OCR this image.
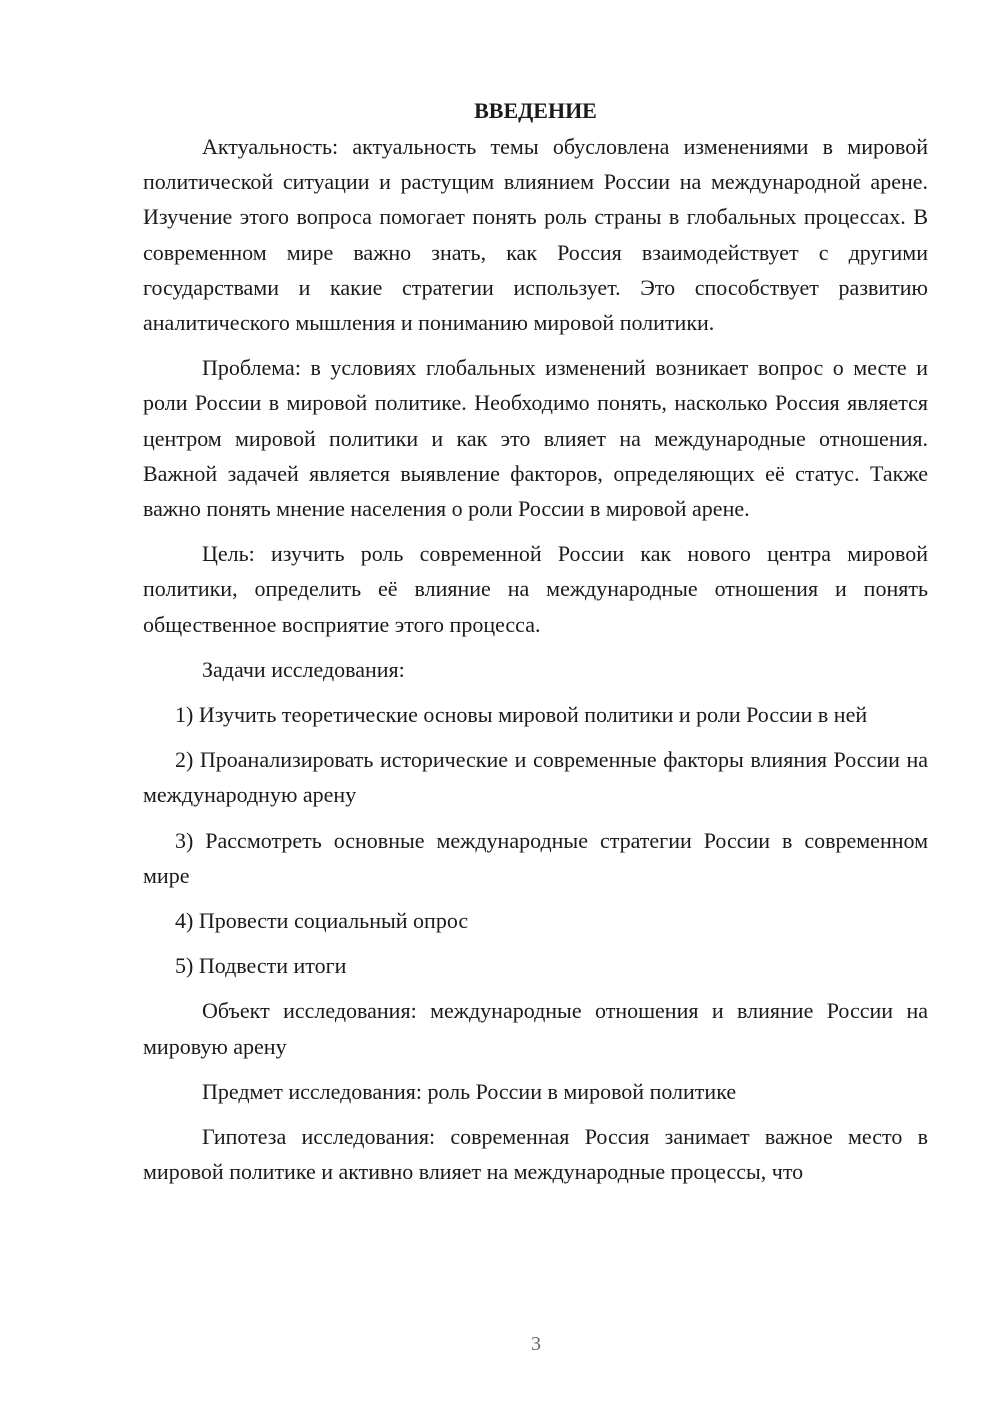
ВВЕДЕНИЕ

Актуальность: актуальность темы обусловлена изменениями в мировой политической ситуации и растущим влиянием России на международной арене. Изучение этого вопроса помогает понять роль страны в глобальных процессах. В современном мире важно знать, как Россия взаимодействует с другими государствами и какие стратегии использует. Это способствует развитию аналитического мышления и пониманию мировой политики.

Проблема: в условиях глобальных изменений возникает вопрос о месте и роли России в мировой политике. Необходимо понять, насколько Россия является центром мировой политики и как это влияет на международные отношения. Важной задачей является выявление факторов, определяющих её статус. Также важно понять мнение населения о роли России в мировой арене.

Цель: изучить роль современной России как нового центра мировой политики, определить её влияние на международные отношения и понять общественное восприятие этого процесса.

Задачи исследования:

1) Изучить теоретические основы мировой политики и роли России в ней

2) Проанализировать исторические и современные факторы влияния России на международную арену

3) Рассмотреть основные международные стратегии России в современном мире

4) Провести социальный опрос

5) Подвести итоги

Объект исследования: международные отношения и влияние России на мировую арену

Предмет исследования: роль России в мировой политике

Гипотеза исследования: современная Россия занимает важное место в мировой политике и активно влияет на международные процессы, что

3
